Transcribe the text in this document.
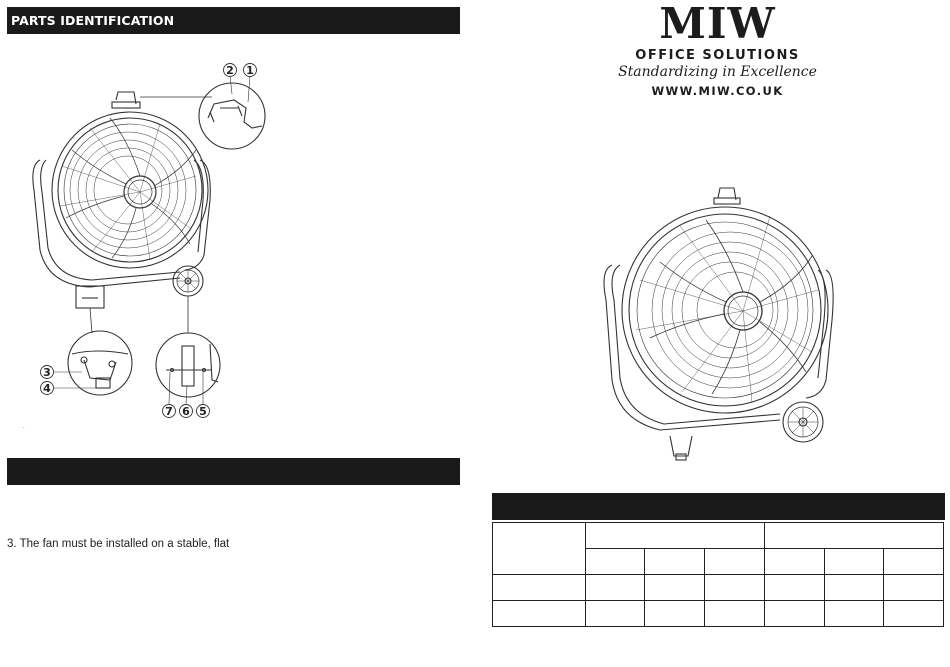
PARTS IDENTIFICATION
2 1
3
4
7 6 5
.
3. The fan must be installed on a stable, flat
MIW
OFFICE SOLUTIONS
Standardizing in Excellence
WWW.MIW.CO.UK
